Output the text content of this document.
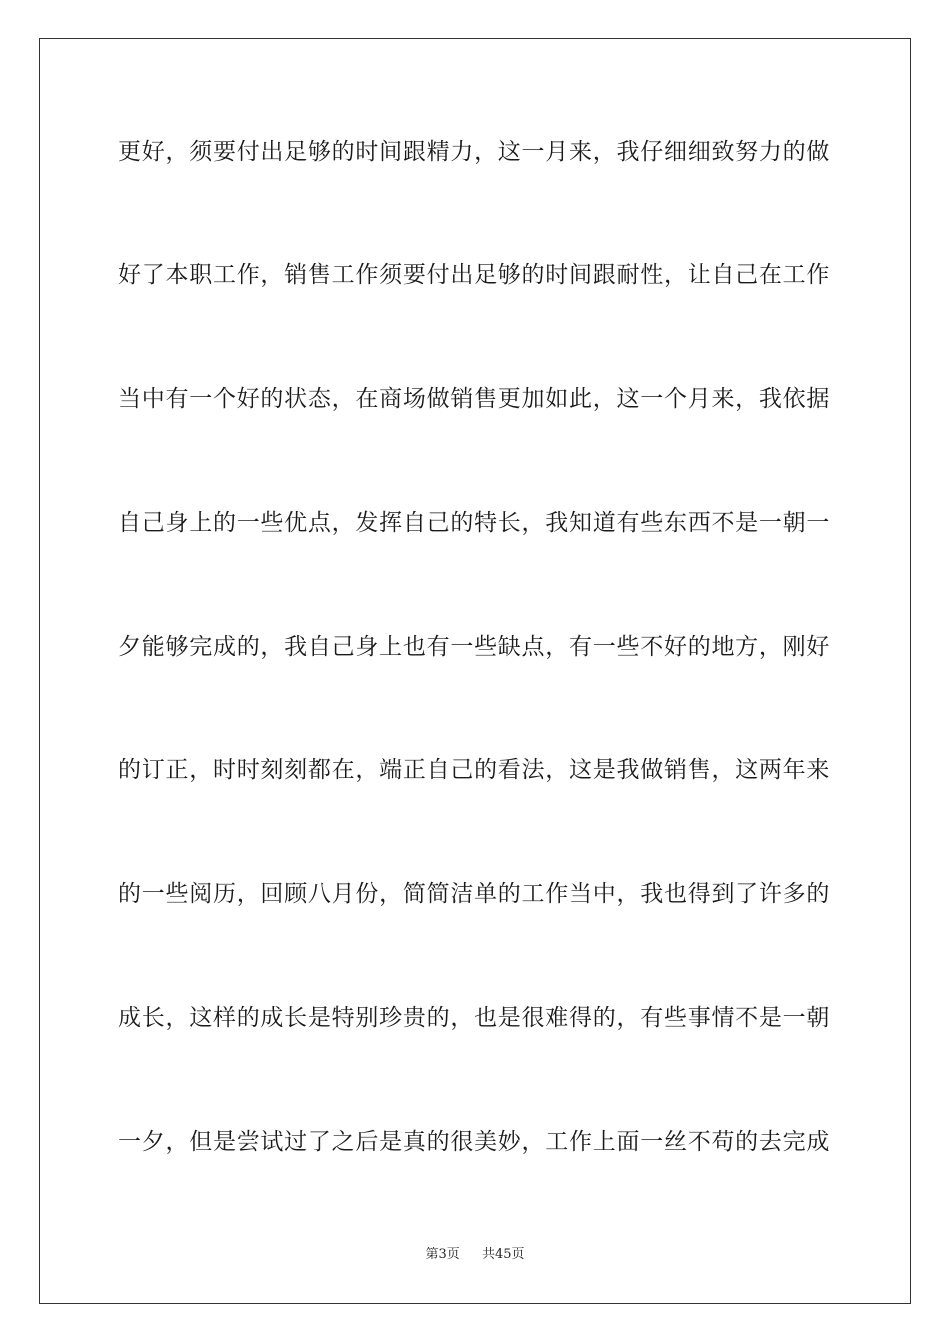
更好，须要付出足够的时间跟精力，这一月来，我仔细细致努力的做
好了本职工作，销售工作须要付出足够的时间跟耐性，让自己在工作
当中有一个好的状态，在商场做销售更加如此，这一个月来，我依据
自己身上的一些优点，发挥自己的特长，我知道有些东西不是一朝一
夕能够完成的，我自己身上也有一些缺点，有一些不好的地方，刚好
的订正，时时刻刻都在，端正自己的看法，这是我做销售，这两年来
的一些阅历，回顾八月份，简简洁单的工作当中，我也得到了许多的
成长，这样的成长是特别珍贵的，也是很难得的，有些事情不是一朝
一夕，但是尝试过了之后是真的很美妙，工作上面一丝不苟的去完成
第3页 共45页
